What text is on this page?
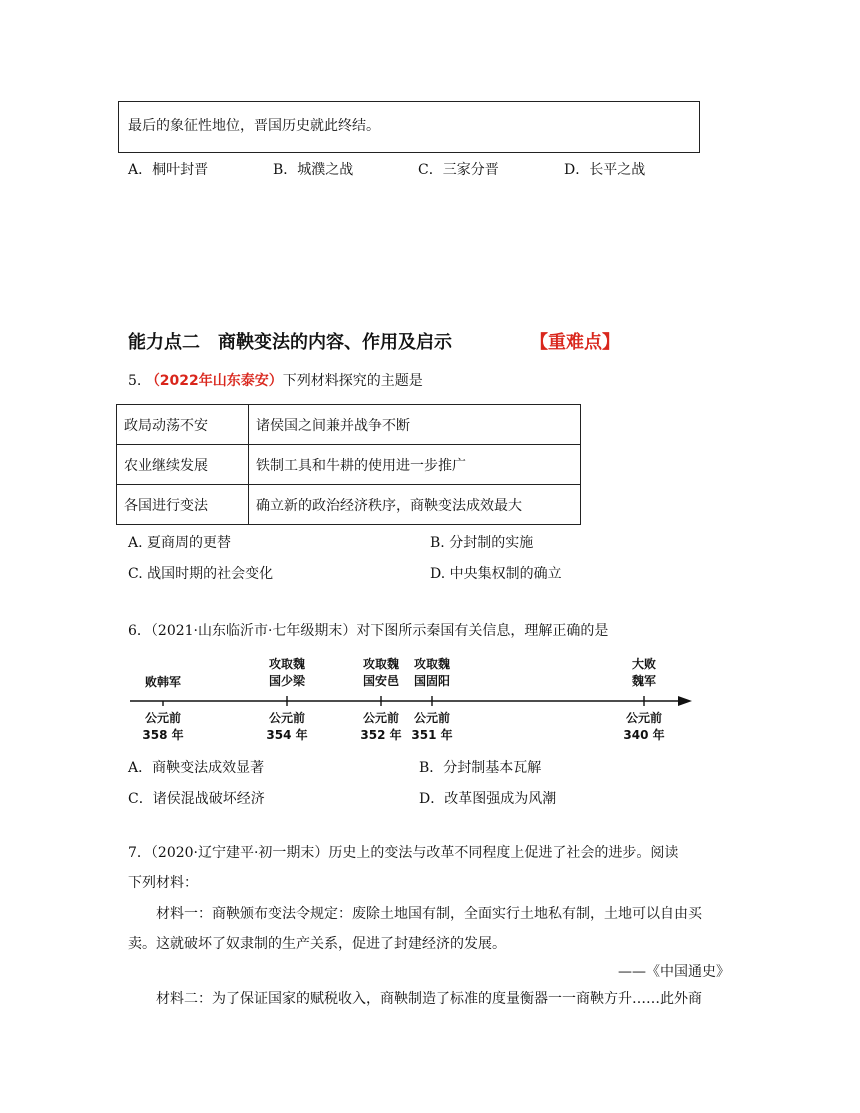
最后的象征性地位，晋国历史就此终结。
A．桐叶封晋	B．城濮之战	C．三家分晋	D．长平之战
能力点二　商鞅变法的内容、作用及启示	【重难点】
5. （2022年山东泰安）下列材料探究的主题是
政局动荡不安	诸侯国之间兼并战争不断
农业继续发展	铁制工具和牛耕的使用进一步推广
各国进行变法	确立新的政治经济秩序，商鞅变法成效最大
A. 夏商周的更替	B. 分封制的实施
C. 战国时期的社会变化	D. 中央集权制的确立
6．（2021·山东临沂市·七年级期末）对下图所示秦国有关信息，理解正确的是
败韩军
攻取魏
国少梁
攻取魏
国安邑
攻取魏
国固阳
大败
魏军
公元前
358 年
公元前
354 年
公元前
352 年
公元前
351 年
公元前
340 年
A．商鞅变法成效显著	B．分封制基本瓦解
C．诸侯混战破坏经济	D．改革图强成为风潮
7．（2020·辽宁建平·初一期末）历史上的变法与改革不同程度上促进了社会的进步。阅读
下列材料：
材料一：商鞅颁布变法令规定：废除土地国有制，全面实行土地私有制，土地可以自由买
卖。这就破坏了奴隶制的生产关系，促进了封建经济的发展。
——《中国通史》
材料二：为了保证国家的赋税收入，商鞅制造了标准的度量衡器一一商鞅方升……此外商
